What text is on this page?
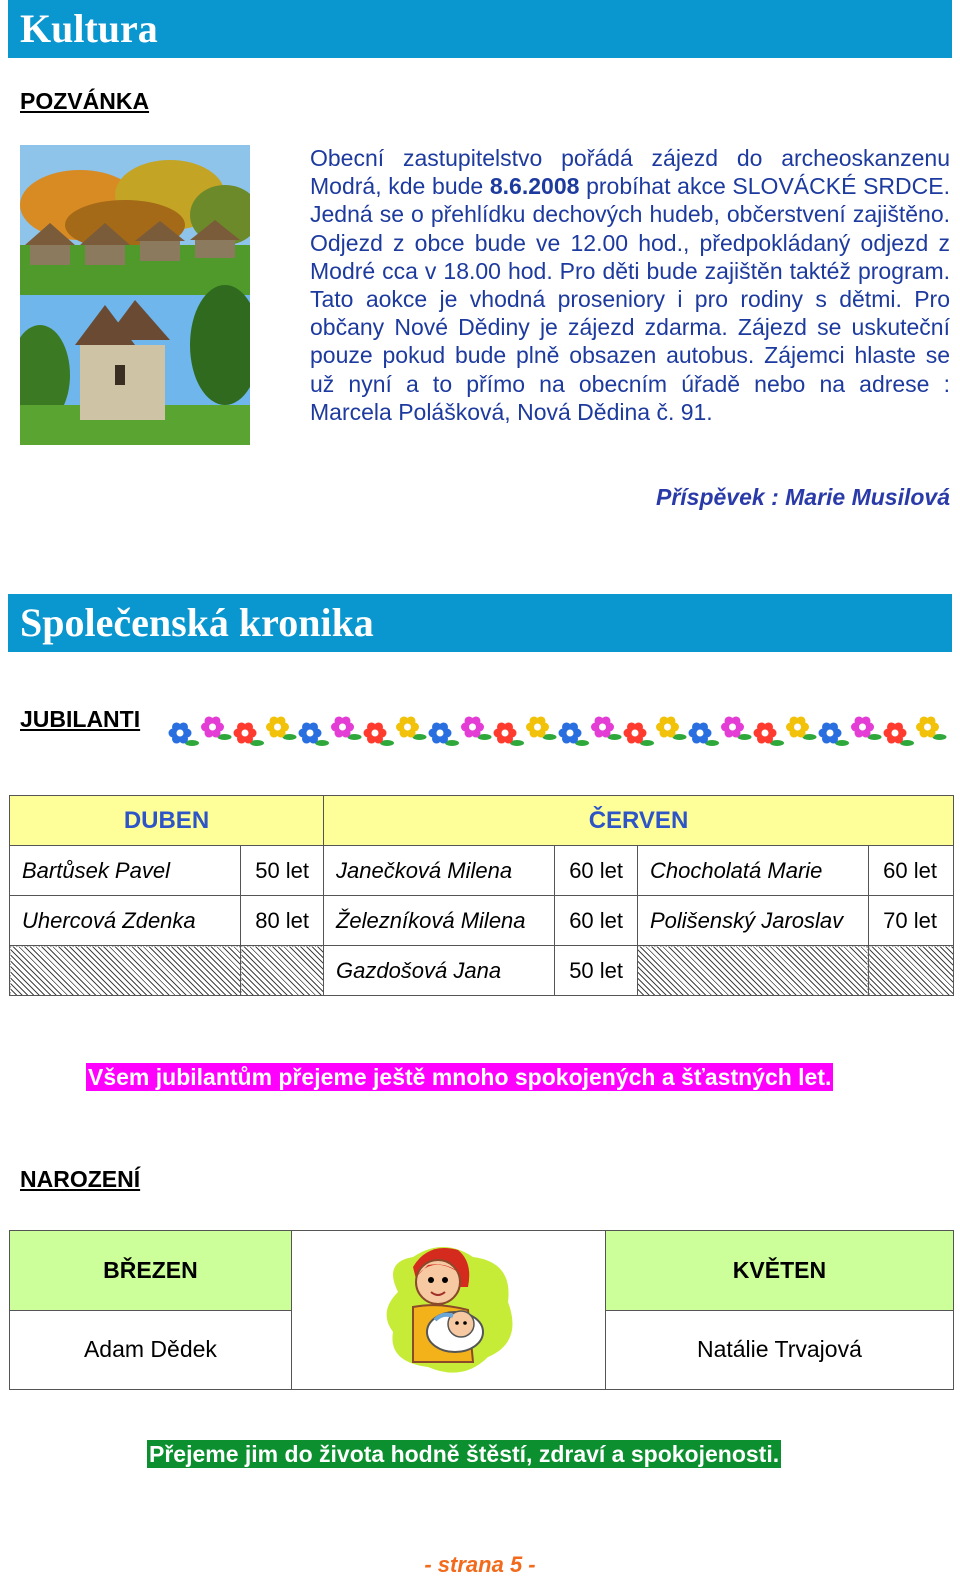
Kultura
POZVÁNKA

Obecní zastupitelstvo pořádá zájezd do archeoskanzenu Modrá, kde bude 8.6.2008 probíhat akce SLOVÁCKÉ SRDCE. Jedná se o přehlídku dechových hudeb, občerstvení zajištěno. Odjezd z obce bude ve 12.00 hod., předpokládaný odjezd z Modré cca v 18.00 hod. Pro děti bude zajištěn taktéž program. Tato aokce je vhodná proseniory i pro rodiny s dětmi. Pro občany Nové Dědiny je zájezd zdarma. Zájezd se uskuteční pouze pokud bude plně obsazen autobus. Zájemci hlaste se už nyní a to přímo na obecním úřadě nebo na adrese : Marcela Polášková, Nová Dědina č. 91.

Příspěvek : Marie Musilová
Společenská kronika
JUBILANTI
DUBEN		ČERVEN			
Bartůsek Pavel	50 let	Janečková Milena	60 let	Chocholatá Marie	60 let
Uhercová Zdenka	80 let	Železníková Milena	60 let	Polišenský Jaroslav	70 let
		Gazdošová Jana	50 let		
Všem jubilantům přejeme ještě mnoho spokojených a šťastných let.
NAROZENÍ
BŘEZEN		KVĚTEN
Adam Dědek		Natálie Trvajová
Přejeme jim do života hodně štěstí, zdraví a spokojenosti.
- strana 5 -
